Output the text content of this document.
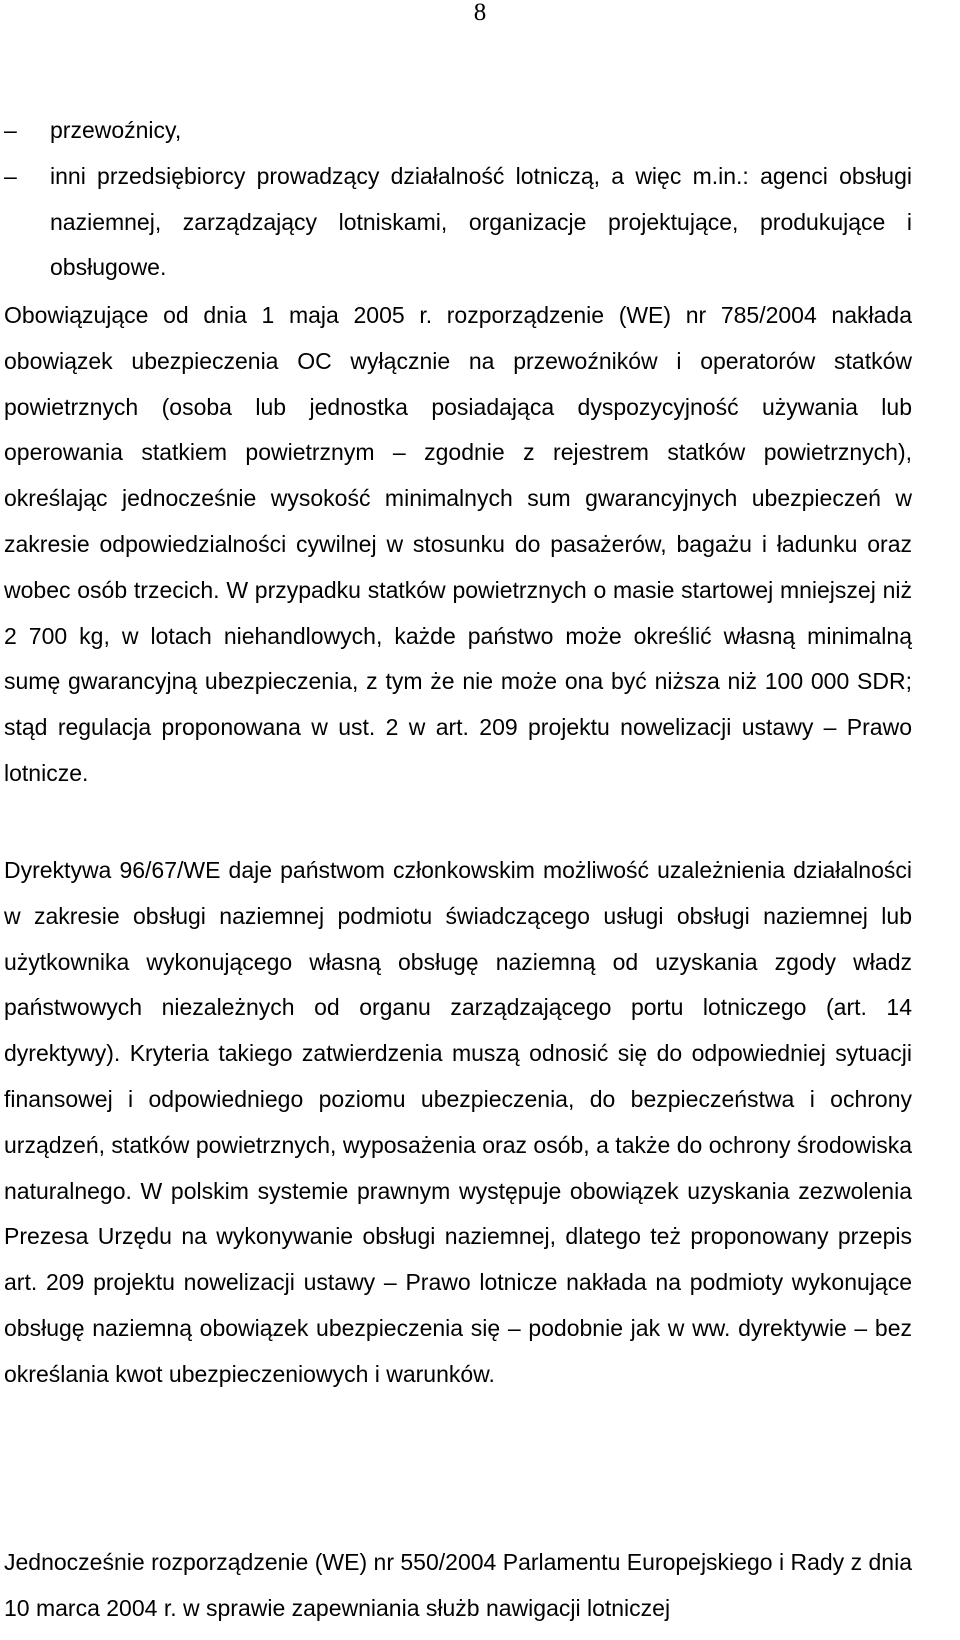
8
–	przewoźnicy,
–	inni przedsiębiorcy prowadzący działalność lotniczą, a więc m.in.: agenci obsługi naziemnej, zarządzający lotniskami, organizacje projektujące, produkujące i obsługowe.

Obowiązujące od dnia 1 maja 2005 r. rozporządzenie (WE) nr 785/2004 nakłada obowiązek ubezpieczenia OC wyłącznie na przewoźników i operatorów statków powietrznych (osoba lub jednostka posiadająca dyspozycyjność używania lub operowania statkiem powietrznym – zgodnie z rejestrem statków powietrznych), określając jednocześnie wysokość minimalnych sum gwarancyjnych ubezpieczeń w zakresie odpowiedzialności cywilnej w stosunku do pasażerów, bagażu i ładunku oraz wobec osób trzecich. W przypadku statków powietrznych o masie startowej mniejszej niż 2 700 kg, w lotach niehandlowych, każde państwo może określić własną minimalną sumę gwarancyjną ubezpieczenia, z tym że nie może ona być niższa niż 100 000 SDR; stąd regulacja proponowana w ust. 2 w art. 209 projektu nowelizacji ustawy – Prawo lotnicze.

Dyrektywa 96/67/WE daje państwom członkowskim możliwość uzależnienia działalności w zakresie obsługi naziemnej podmiotu świadczącego usługi obsługi naziemnej lub użytkownika wykonującego własną obsługę naziemną od uzyskania zgody władz państwowych niezależnych od organu zarządzającego portu lotniczego (art. 14 dyrektywy). Kryteria takiego zatwierdzenia muszą odnosić się do odpowiedniej sytuacji finansowej i odpowiedniego poziomu ubezpieczenia, do bezpieczeństwa i ochrony urządzeń, statków powietrznych, wyposażenia oraz osób, a także do ochrony środowiska naturalnego. W polskim systemie prawnym występuje obowiązek uzyskania zezwolenia Prezesa Urzędu na wykonywanie obsługi naziemnej, dlatego też proponowany przepis art. 209 projektu nowelizacji ustawy – Prawo lotnicze nakłada na podmioty wykonujące obsługę naziemną obowiązek ubezpieczenia się – podobnie jak w ww. dyrektywie – bez określania kwot ubezpieczeniowych i warunków.

Jednocześnie rozporządzenie (WE) nr 550/2004 Parlamentu Europejskiego i Rady z dnia 10 marca 2004 r. w sprawie zapewniania służb nawigacji lotniczej
